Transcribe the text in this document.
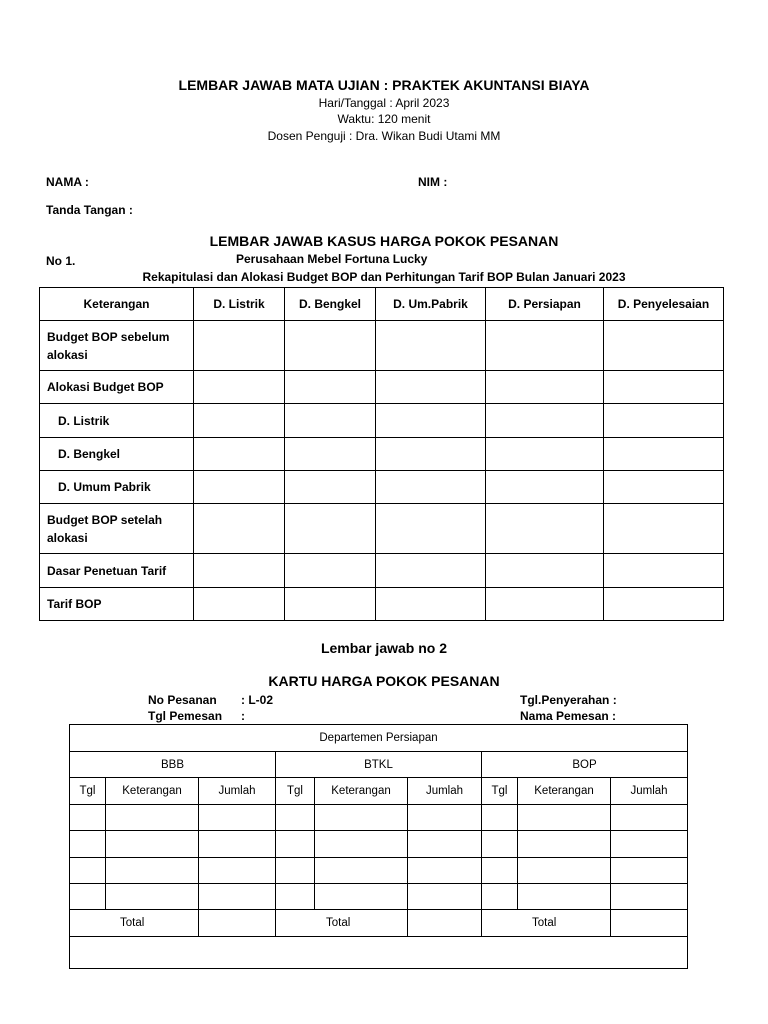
LEMBAR JAWAB MATA UJIAN : PRAKTEK AKUNTANSI BIAYA
Hari/Tanggal : April 2023
Waktu: 120 menit
Dosen Penguji : Dra. Wikan Budi Utami MM
NAMA :	NIM :
Tanda Tangan :
LEMBAR JAWAB KASUS HARGA POKOK PESANAN
No 1.	Perusahaan Mebel Fortuna Lucky
Rekapitulasi dan Alokasi Budget BOP dan Perhitungan Tarif BOP Bulan Januari 2023
Keterangan	D. Listrik	D. Bengkel	D. Um.Pabrik	D. Persiapan	D. Penyelesaian
Budget BOP sebelum
alokasi					
Alokasi Budget BOP					
D. Listrik					
D. Bengkel					
D. Umum Pabrik					
Budget BOP setelah
alokasi					
Dasar Penetuan Tarif					
Tarif BOP					
Lembar jawab no 2
KARTU HARGA POKOK PESANAN
No Pesanan : L-02
Tgl Pemesan :
Tgl.Penyerahan :
Nama Pemesan :
Departemen Persiapan								
BBB			BTKL			BOP		
Tgl	Keterangan	Jumlah	Tgl	Keterangan	Jumlah	Tgl	Keterangan	Jumlah

Total			Total			Total		
